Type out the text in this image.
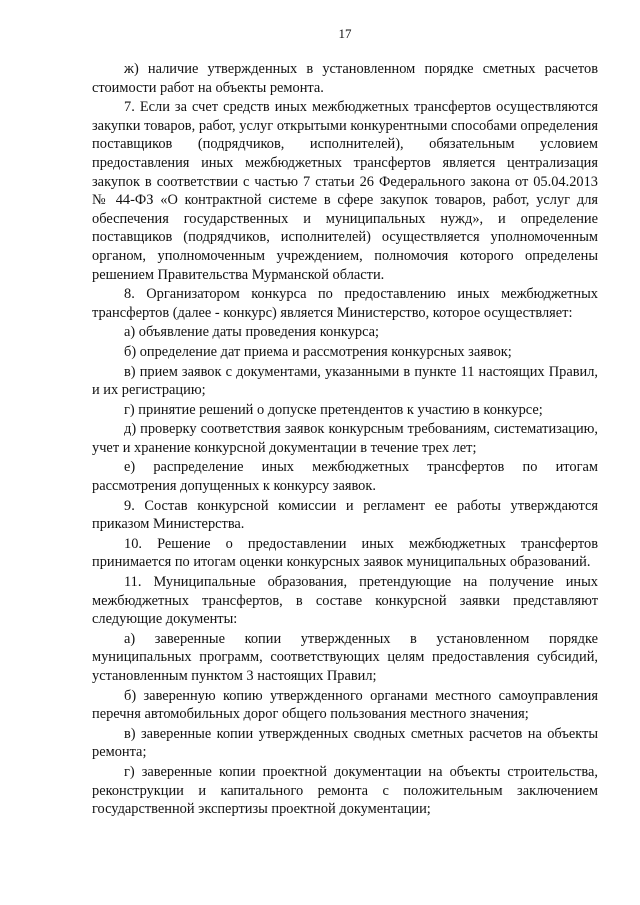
17

ж) наличие утвержденных в установленном порядке сметных расчетов стоимости работ на объекты ремонта.

7. Если за счет средств иных межбюджетных трансфертов осуществляются закупки товаров, работ, услуг открытыми конкурентными способами определения поставщиков (подрядчиков, исполнителей), обязательным условием предоставления иных межбюджетных трансфертов является централизация закупок в соответствии с частью 7 статьи 26 Федерального закона от 05.04.2013 № 44-ФЗ «О контрактной системе в сфере закупок товаров, работ, услуг для обеспечения государственных и муниципальных нужд», и определение поставщиков (подрядчиков, исполнителей) осуществляется уполномоченным органом, уполномоченным учреждением, полномочия которого определены решением Правительства Мурманской области.

8. Организатором конкурса по предоставлению иных межбюджетных трансфертов (далее - конкурс) является Министерство, которое осуществляет:

а) объявление даты проведения конкурса;

б) определение дат приема и рассмотрения конкурсных заявок;

в) прием заявок с документами, указанными в пункте 11 настоящих Правил, и их регистрацию;

г) принятие решений о допуске претендентов к участию в конкурсе;

д) проверку соответствия заявок конкурсным требованиям, систематизацию, учет и хранение конкурсной документации в течение трех лет;

е) распределение иных межбюджетных трансфертов по итогам рассмотрения допущенных к конкурсу заявок.

9. Состав конкурсной комиссии и регламент ее работы утверждаются приказом Министерства.

10. Решение о предоставлении иных межбюджетных трансфертов принимается по итогам оценки конкурсных заявок муниципальных образований.

11. Муниципальные образования, претендующие на получение иных межбюджетных трансфертов, в составе конкурсной заявки представляют следующие документы:

а) заверенные копии утвержденных в установленном порядке муниципальных программ, соответствующих целям предоставления субсидий, установленным пунктом 3 настоящих Правил;

б) заверенную копию утвержденного органами местного самоуправления перечня автомобильных дорог общего пользования местного значения;

в) заверенные копии утвержденных сводных сметных расчетов на объекты ремонта;

г) заверенные копии проектной документации на объекты строительства, реконструкции и капитального ремонта с положительным заключением государственной экспертизы проектной документации;
